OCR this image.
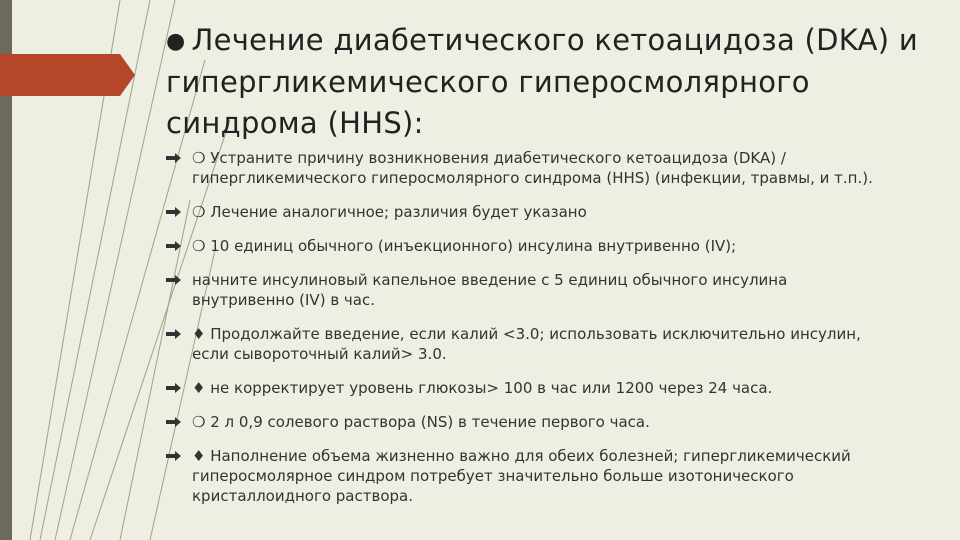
● Лечение диабетического кетоацидоза (DKA) и гипергликемического гиперосмолярного синдрома (HHS):
❍ Устраните причину возникновения диабетического кетоацидоза (DKA) / гипергликемического гиперосмолярного синдрома (HHS) (инфекции, травмы, и т.п.).
❍ Лечение аналогичное; различия будет указано
❍ 10 единиц обычного (инъекционного) инсулина внутривенно (IV);
начните инсулиновый капельное введение с 5 единиц обычного инсулина внутривенно (IV) в час.
♦ Продолжайте введение, если калий <3.0; использовать исключительно инсулин, если сывороточный калий> 3.0.
♦ не корректирует уровень глюкозы> 100 в час или 1200 через 24 часа.
❍ 2 л 0,9 солевого раствора (NS) в течение первого часа.
♦ Наполнение объема жизненно важно для обеих болезней; гипергликемический гиперосмолярное синдром потребует значительно больше изотонического кристаллоидного раствора.
